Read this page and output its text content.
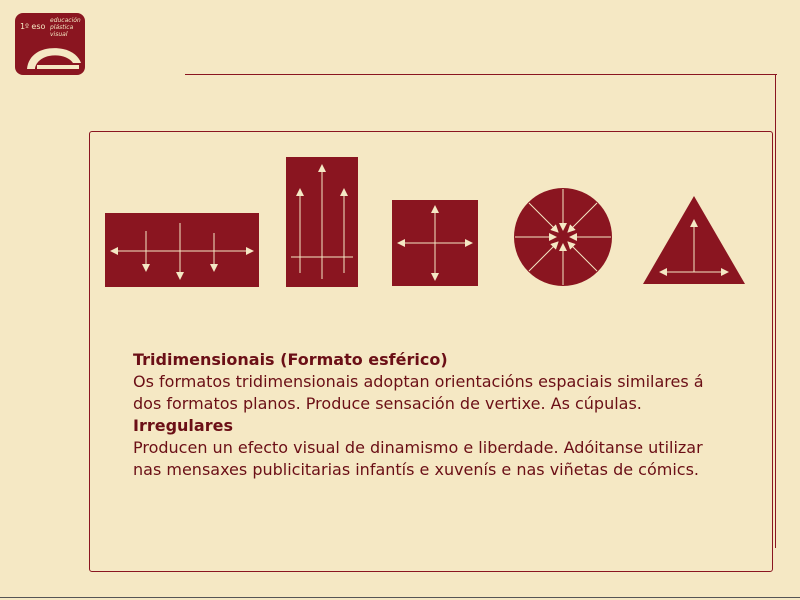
1º eso
educación
plástica
visual
Tridimensionais (Formato esférico)
Os formatos tridimensionais adoptan orientacións espaciais similares á dos formatos planos. Produce sensación de vertixe. As cúpulas.
Irregulares
Producen un efecto visual de dinamismo e liberdade. Adóitanse utilizar nas mensaxes publicitarias infantís e xuvenís e nas viñetas de cómics.
